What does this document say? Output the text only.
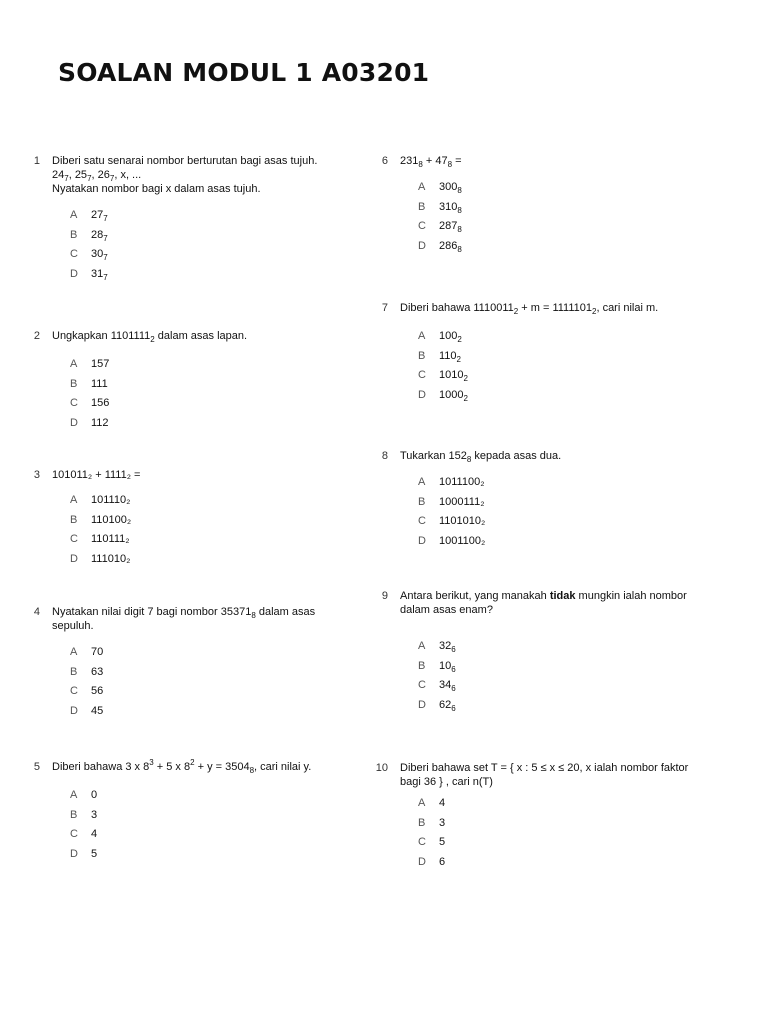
SOALAN MODUL 1 A03201
1 Diberi satu senarai nombor berturutan bagi asas tujuh.
$24_7$, $25_7$, $26_7$, x, ...
Nyatakan nombor bagi x dalam asas tujuh.
A $27_7$
B $28_7$
C $30_7$
D $31_7$
2 Ungkapkan $1101111_2$ dalam asas lapan.
A 157
B 111
C 156
D 112
3 101011₂ + 1111₂ =
A 101110₂
B 110100₂
C 110111₂
D 111010₂
4 Nyatakan nilai digit 7 bagi nombor $35371_8$ dalam asas
sepuluh.
A 70
B 63
C 56
D 45
5 Diberi bahawa 3 x $8^3 + 5$ x $8^2 + y = 3504_8$, cari nilai y.
A 0
B 3
C 4
D 5
6 $231_8 + 47_8$ =
A $300_8$
B $310_8$
C $287_8$
D $286_8$
7 Diberi bahawa $1110011_2 + m = 1111101_2$, cari nilai m.
A $100_2$
B $110_2$
C $1010_2$
D $1000_2$
8 Tukarkan $152_8$ kepada asas dua.
A 1011100₂
B 1000111₂
C 1101010₂
D 1001100₂
9 Antara berikut, yang manakah tidak mungkin ialah nombor
dalam asas enam?
A $32_6$
B $10_6$
C $34_6$
D $62_6$
10 Diberi bahawa set T = { x : 5 ≤ x ≤ 20, x ialah nombor faktor
bagi 36 } , cari n(T)
A 4
B 3
C 5
D 6
